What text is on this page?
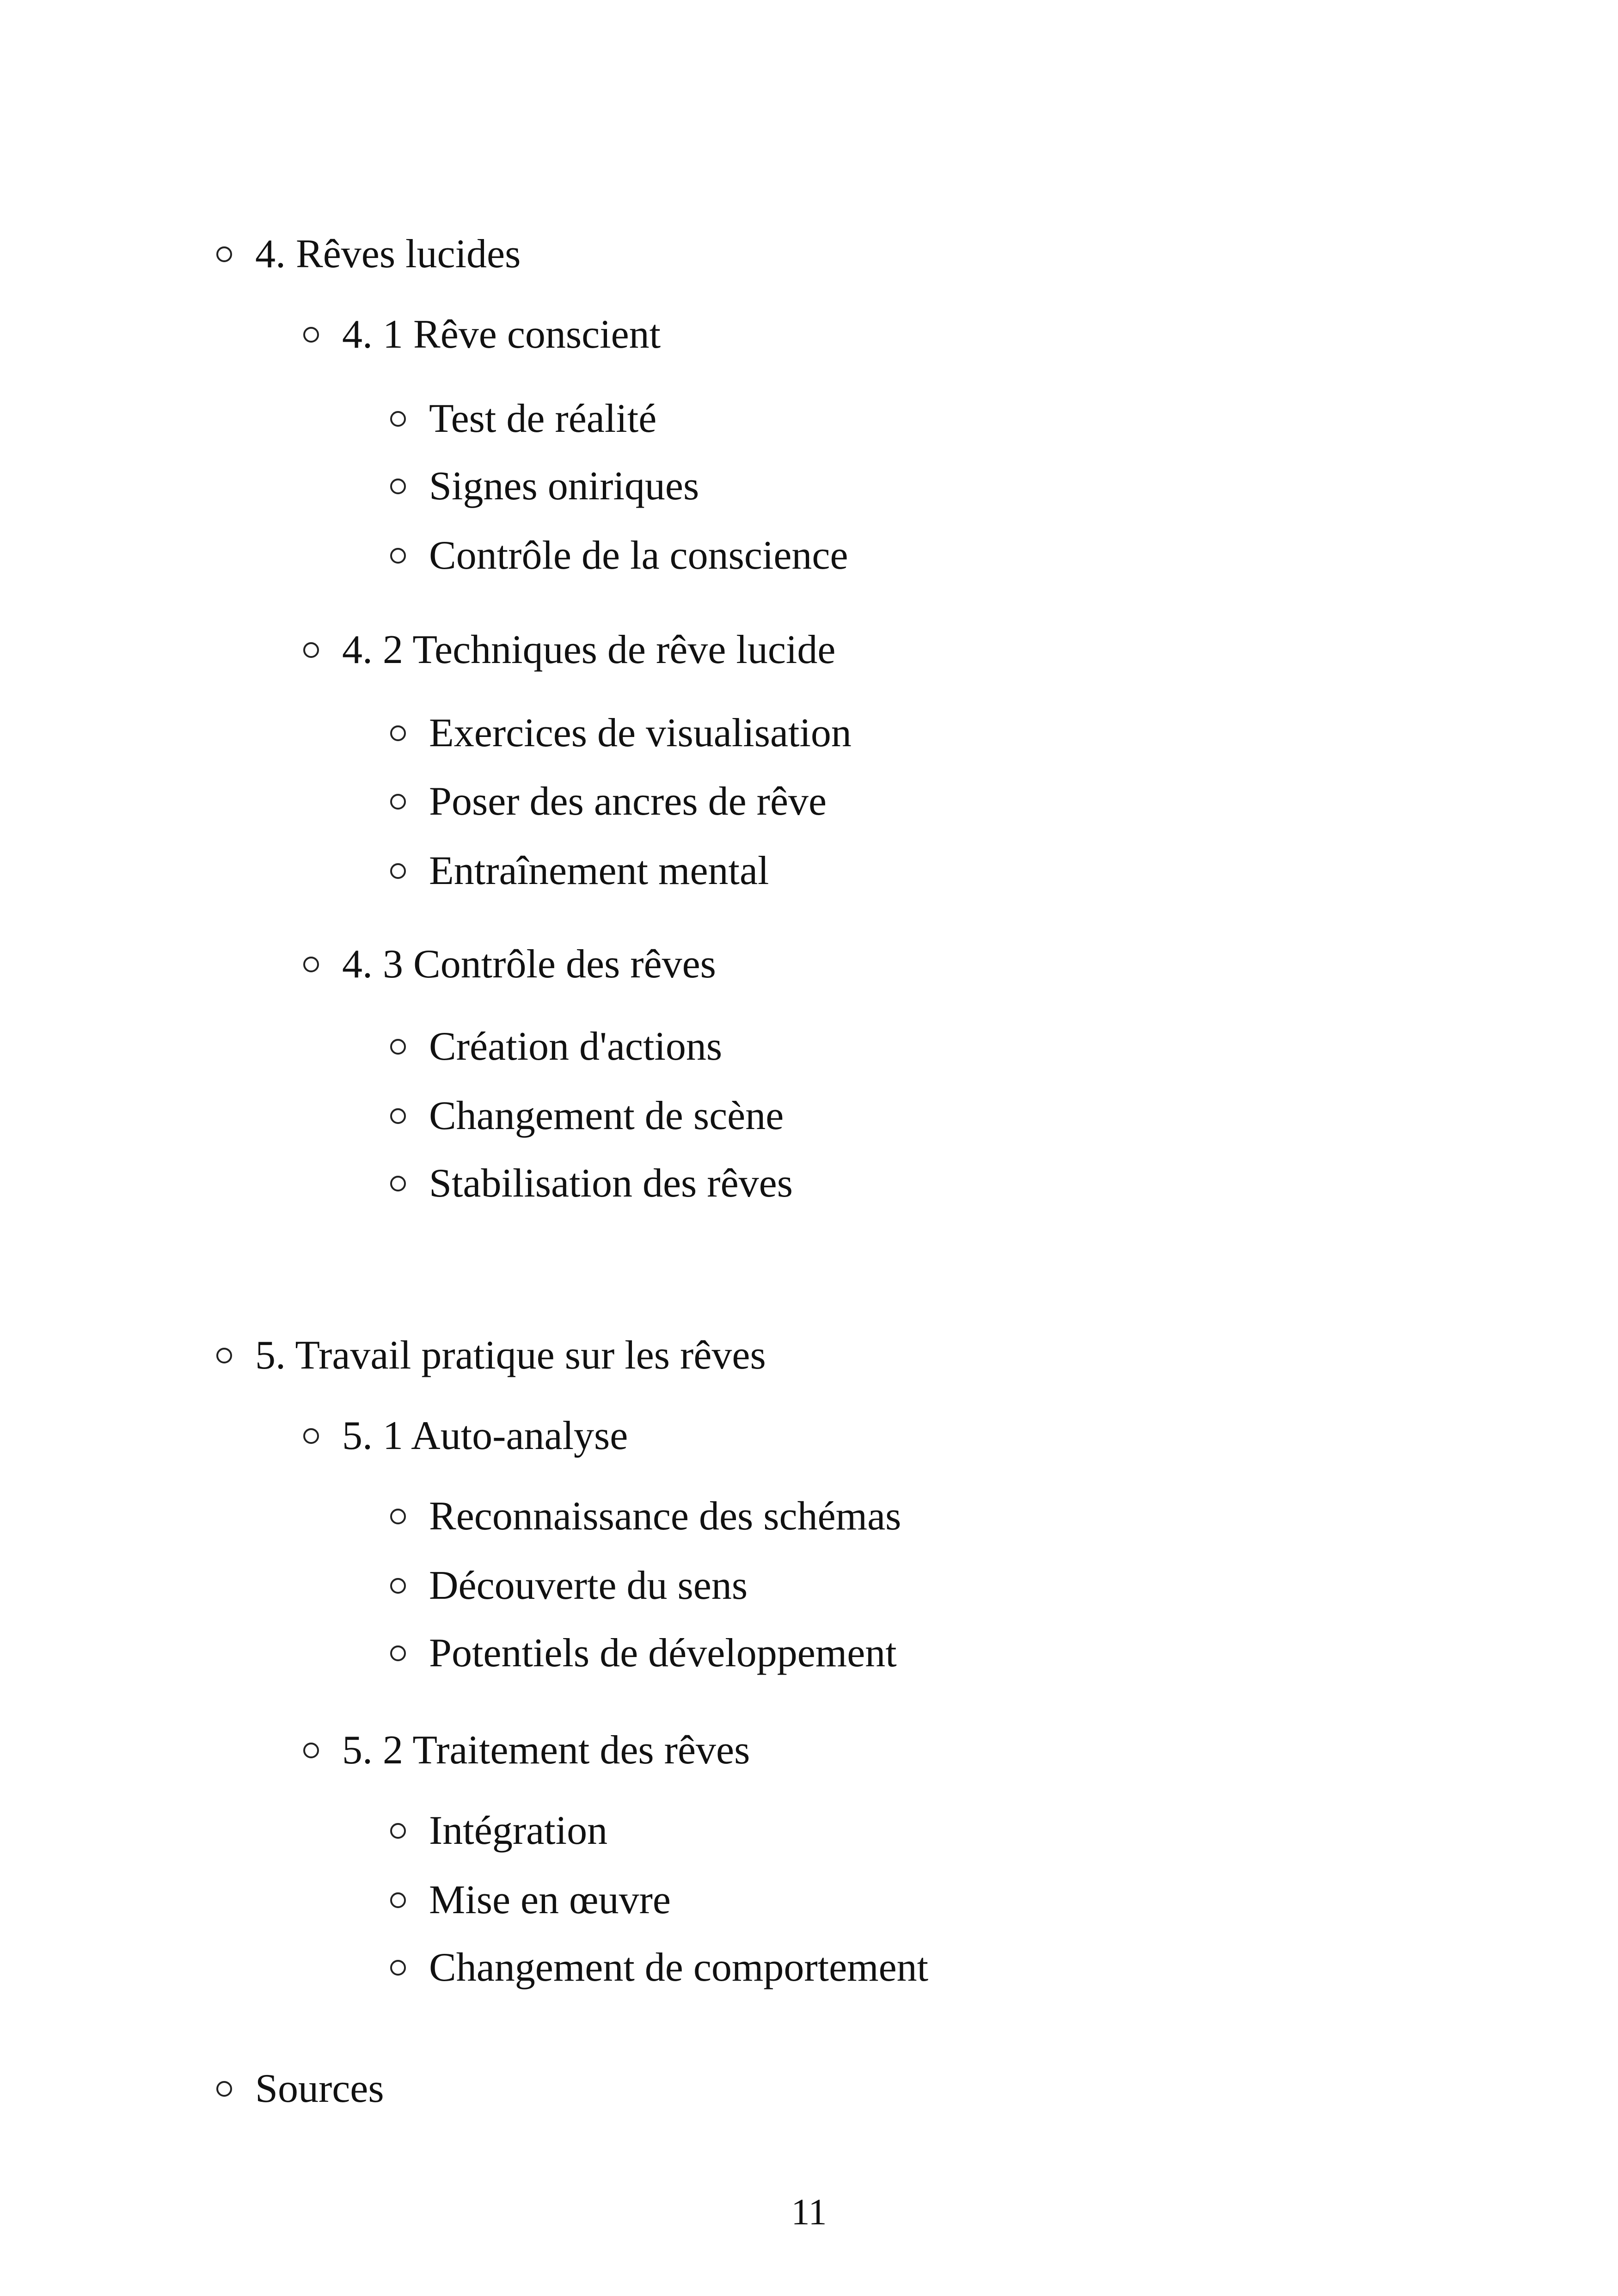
4. Rêves lucides
4. 1 Rêve conscient
Test de réalité
Signes oniriques
Contrôle de la conscience
4. 2 Techniques de rêve lucide
Exercices de visualisation
Poser des ancres de rêve
Entraînement mental
4. 3 Contrôle des rêves
Création d'actions
Changement de scène
Stabilisation des rêves
5. Travail pratique sur les rêves
5. 1 Auto-analyse
Reconnaissance des schémas
Découverte du sens
Potentiels de développement
5. 2 Traitement des rêves
Intégration
Mise en œuvre
Changement de comportement
Sources
11
